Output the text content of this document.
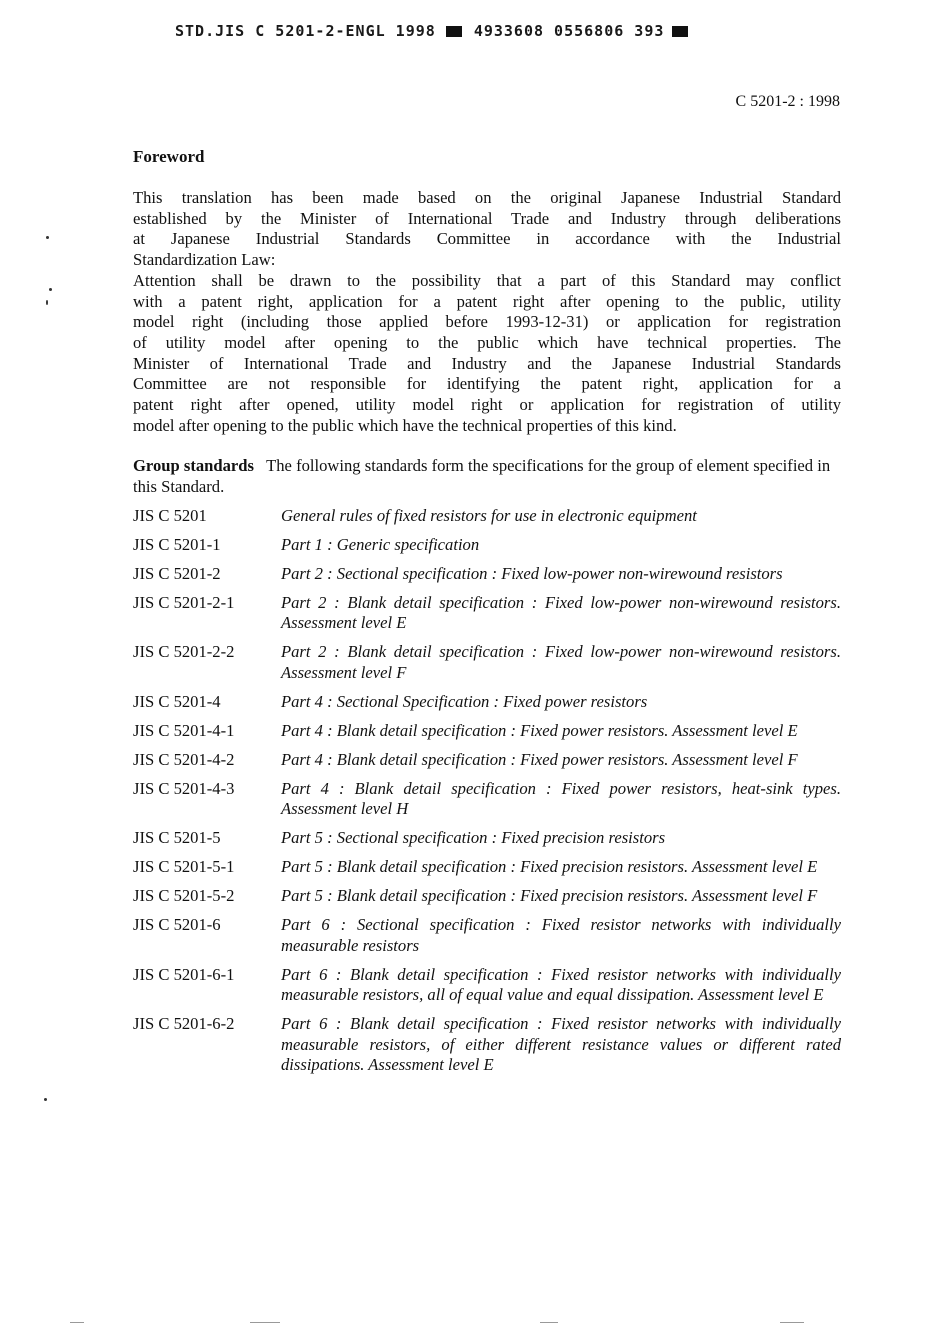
STD.JIS C 5201-2-ENGL 1998	4933608 0556806 393
C 5201-2 : 1998
Foreword
This translation has been made based on the original Japanese Industrial Standard
established by the Minister of International Trade and Industry through deliberations
at Japanese Industrial Standards Committee in accordance with the Industrial
Standardization Law:
Attention shall be drawn to the possibility that a part of this Standard may conflict
with a patent right, application for a patent right after opening to the public, utility
model right (including those applied before 1993-12-31) or application for registration
of utility model after opening to the public which have technical properties. The
Minister of International Trade and Industry and the Japanese Industrial Standards
Committee are not responsible for identifying the patent right, application for a
patent right after opened, utility model right or application for registration of utility
model after opening to the public which have the technical properties of this kind.
Group standards The following standards form the specifications for the group of element specified in this Standard.
JIS C 5201	General rules of fixed resistors for use in electronic equipment
JIS C 5201-1	Part 1 : Generic specification
JIS C 5201-2	Part 2 : Sectional specification : Fixed low-power non-wirewound resistors
JIS C 5201-2-1	Part 2 : Blank detail specification : Fixed low-power non-wirewound resistors. Assessment level E
JIS C 5201-2-2	Part 2 : Blank detail specification : Fixed low-power non-wirewound resistors. Assessment level F
JIS C 5201-4	Part 4 : Sectional Specification : Fixed power resistors
JIS C 5201-4-1	Part 4 : Blank detail specification : Fixed power resistors. Assessment level E
JIS C 5201-4-2	Part 4 : Blank detail specification : Fixed power resistors. Assessment level F
JIS C 5201-4-3	Part 4 : Blank detail specification : Fixed power resistors, heat-sink types. Assessment level H
JIS C 5201-5	Part 5 : Sectional specification : Fixed precision resistors
JIS C 5201-5-1	Part 5 : Blank detail specification : Fixed precision resistors. Assessment level E
JIS C 5201-5-2	Part 5 : Blank detail specification : Fixed precision resistors. Assessment level F
JIS C 5201-6	Part 6 : Sectional specification : Fixed resistor networks with individually measurable resistors
JIS C 5201-6-1	Part 6 : Blank detail specification : Fixed resistor networks with individually measurable resistors, all of equal value and equal dissipation. Assessment level E
JIS C 5201-6-2	Part 6 : Blank detail specification : Fixed resistor networks with individually measurable resistors, of either different resistance values or different rated dissipations. Assessment level E
